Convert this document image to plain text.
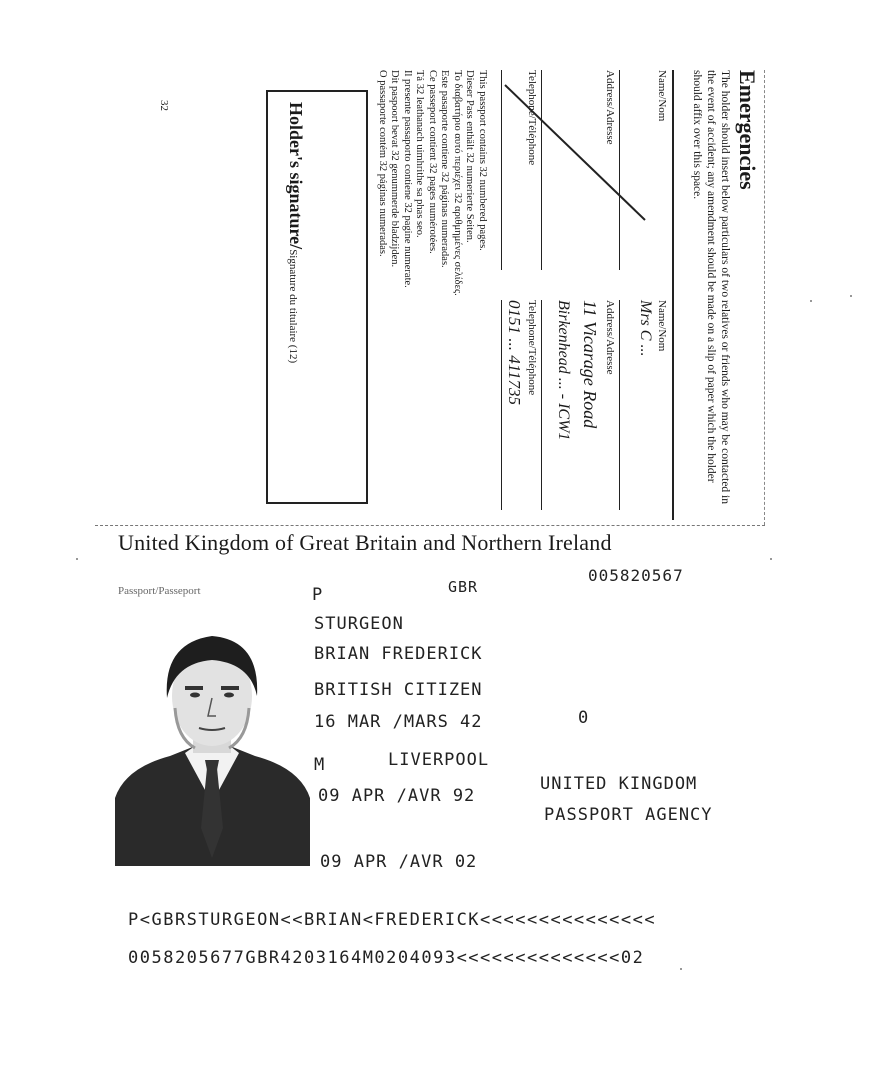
Emergencies
The holder should insert below particulars of two relatives or friends who may be contacted in the event of accident; any amendment should be made on a slip of paper which the holder should affix over this space.
Name/Nom
Address/Adresse
Telephone/Téléphone
Name/Nom
Mrs C ...
Address/Adresse
11 Vicarage Road
Birkenhead ... - ICW1
Telephone/Téléphone
0151 ... 411735
This passport contains 32 numbered pages.
Dieser Pass enthält 32 numerierte Seiten.
To διαβατήριο αυτό περιέχει 32 αριθμημένες σελίδες.
Este pasaporte contiene 32 páginas numeradas.
Ce passeport contient 32 pages numérotées.
Tá 32 leathanach uimhrithe sa phas seo.
Il presente passaporto contiene 32 pagine numerate.
Dit paspoort bevat 32 genummerde bladzijden.
O passaporte contém 32 páginas numeradas.
Holder's signature/Signature du titulaire (12)
32
United Kingdom of Great Britain and Northern Ireland
Passport/Passeport	P	GBR
005820567
STURGEON
BRIAN FREDERICK
BRITISH CITIZEN
16 MAR /MARS 42	0
M	LIVERPOOL
09 APR /AVR 92
UNITED KINGDOM
PASSPORT AGENCY
09 APR /AVR 02
P<GBRSTURGEON<<BRIAN<FREDERICK<<<<<<<<<<<<<<<
0058205677GBR4203164M0204093<<<<<<<<<<<<<<02
